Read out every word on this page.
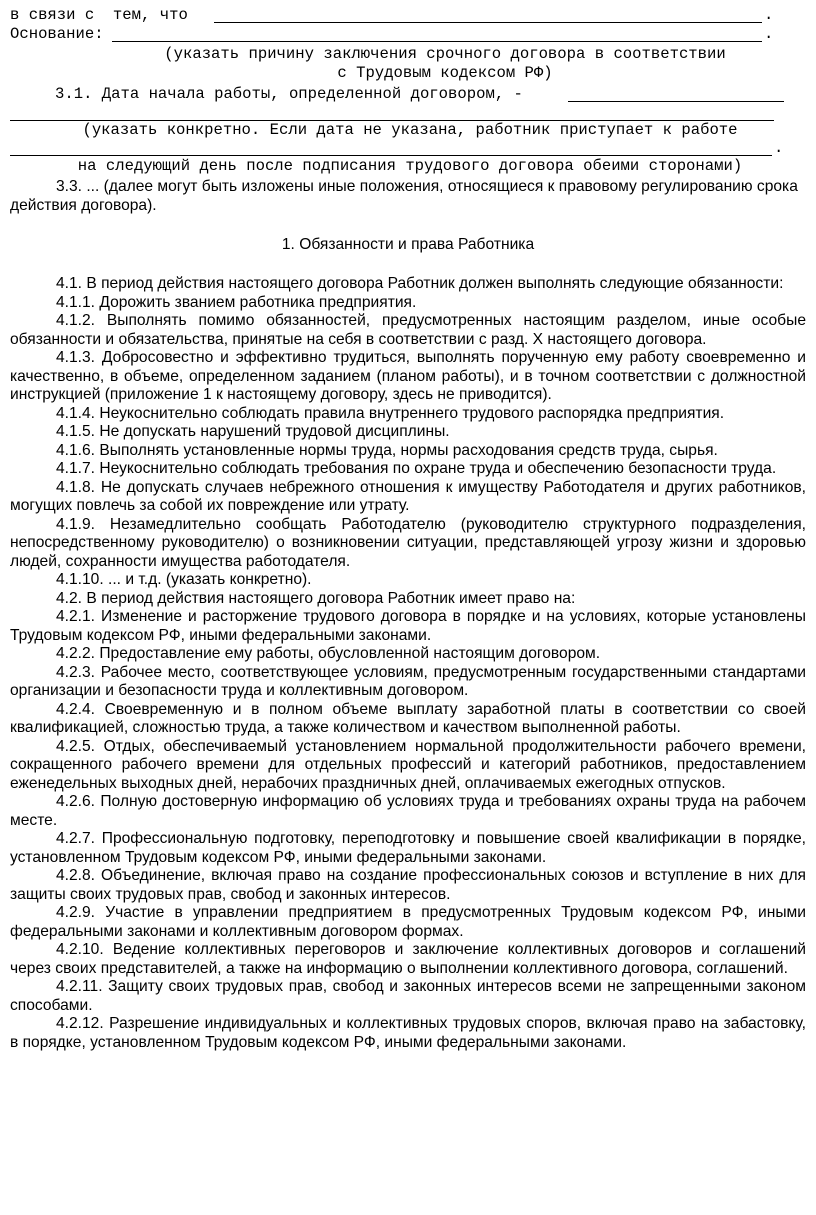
в связи с  тем, что	.
Основание:	.
(указать причину заключения срочного договора в соответствии
с Трудовым кодексом РФ)
3.1. Дата начала работы, определенной договором, -
(указать конкретно. Если дата не указана, работник приступает к работе
.
на следующий день после подписания трудового договора обеими сторонами)

3.3. ... (далее могут быть изложены иные положения, относящиеся к правовому регулированию срока действия договора).

1. Обязанности и права Работника

4.1. В период действия настоящего договора Работник должен выполнять следующие обязанности:

4.1.1. Дорожить званием работника предприятия.

4.1.2. Выполнять помимо обязанностей, предусмотренных настоящим разделом, иные особые обязанности и обязательства, принятые на себя в соответствии с разд. X настоящего договора.

4.1.3. Добросовестно и эффективно трудиться, выполнять порученную ему работу своевременно и качественно, в объеме, определенном заданием (планом работы), и в точном соответствии с должностной инструкцией (приложение 1 к настоящему договору, здесь не приводится).

4.1.4. Неукоснительно соблюдать правила внутреннего трудового распорядка предприятия.

4.1.5. Не допускать нарушений трудовой дисциплины.

4.1.6. Выполнять установленные нормы труда, нормы расходования средств труда, сырья.

4.1.7. Неукоснительно соблюдать требования по охране труда и обеспечению безопасности труда.

4.1.8. Не допускать случаев небрежного отношения к имуществу Работодателя и других работников, могущих повлечь за собой их повреждение или утрату.

4.1.9. Незамедлительно сообщать Работодателю (руководителю структурного подразделения, непосредственному руководителю) о возникновении ситуации, представляющей угрозу жизни и здоровью людей, сохранности имущества работодателя.

4.1.10. ... и т.д. (указать конкретно).

4.2. В период действия настоящего договора Работник имеет право на:

4.2.1. Изменение и расторжение трудового договора в порядке и на условиях, которые установлены Трудовым кодексом РФ, иными федеральными законами.

4.2.2. Предоставление ему работы, обусловленной настоящим договором.

4.2.3. Рабочее место, соответствующее условиям, предусмотренным государственными стандартами организации и безопасности труда и коллективным договором.

4.2.4. Своевременную и в полном объеме выплату заработной платы в соответствии со своей квалификацией, сложностью труда, а также количеством и качеством выполненной работы.

4.2.5. Отдых, обеспечиваемый установлением нормальной продолжительности рабочего времени, сокращенного рабочего времени для отдельных профессий и категорий работников, предоставлением еженедельных выходных дней, нерабочих праздничных дней, оплачиваемых ежегодных отпусков.

4.2.6. Полную достоверную информацию об условиях труда и требованиях охраны труда на рабочем месте.

4.2.7. Профессиональную подготовку, переподготовку и повышение своей квалификации в порядке, установленном Трудовым кодексом РФ, иными федеральными законами.

4.2.8. Объединение, включая право на создание профессиональных союзов и вступление в них для защиты своих трудовых прав, свобод и законных интересов.

4.2.9. Участие в управлении предприятием в предусмотренных Трудовым кодексом РФ, иными федеральными законами и коллективным договором формах.

4.2.10. Ведение коллективных переговоров и заключение коллективных договоров и соглашений через своих представителей, а также на информацию о выполнении коллективного договора, соглашений.

4.2.11. Защиту своих трудовых прав, свобод и законных интересов всеми не запрещенными законом способами.

4.2.12. Разрешение индивидуальных и коллективных трудовых споров, включая право на забастовку, в порядке, установленном Трудовым кодексом РФ, иными федеральными законами.
